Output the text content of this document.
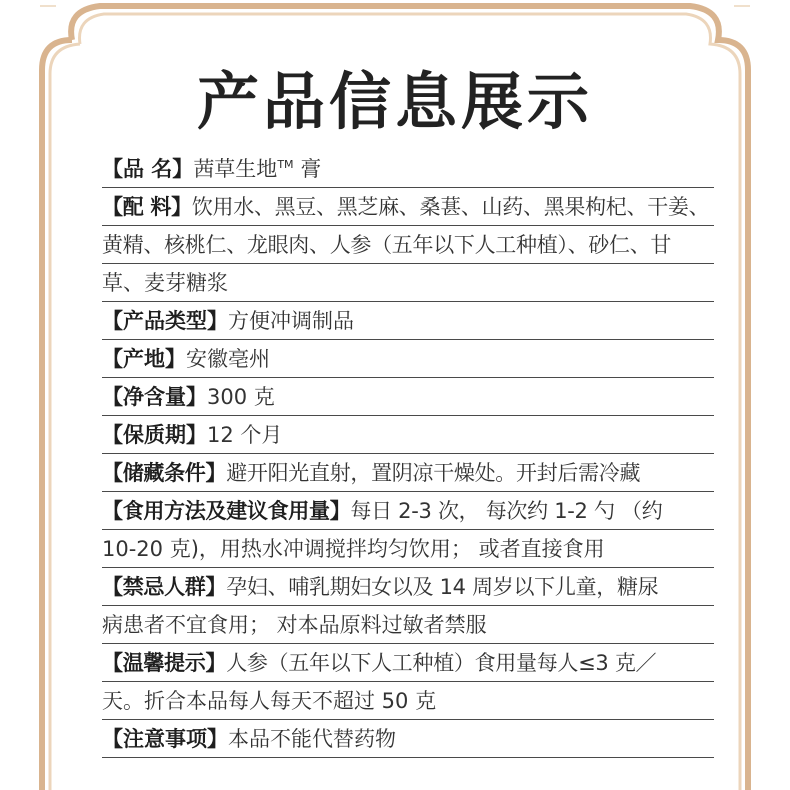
产品信息展示
【品 名】茜草生地™ 膏
【配 料】饮用水、黑豆、黑芝麻、桑葚、山药、黑果枸杞、干姜、
黄精、核桃仁、龙眼肉、人参（五年以下人工种植）、砂仁、甘
草、麦芽糖浆
【产品类型】方便冲调制品
【产地】安徽亳州
【净含量】300 克
【保质期】12 个月
【储藏条件】避开阳光直射，置阴凉干燥处。开封后需冷藏
【食用方法及建议食用量】每日 2-3 次， 每次约 1-2 勺 （约
10-20 克)，用热水冲调搅拌均匀饮用； 或者直接食用
【禁忌人群】孕妇、哺乳期妇女以及 14 周岁以下儿童，糖尿
病患者不宜食用； 对本品原料过敏者禁服
【温馨提示】人参（五年以下人工种植）食用量每人≤3 克／
天。折合本品每人每天不超过 50 克
【注意事项】本品不能代替药物
